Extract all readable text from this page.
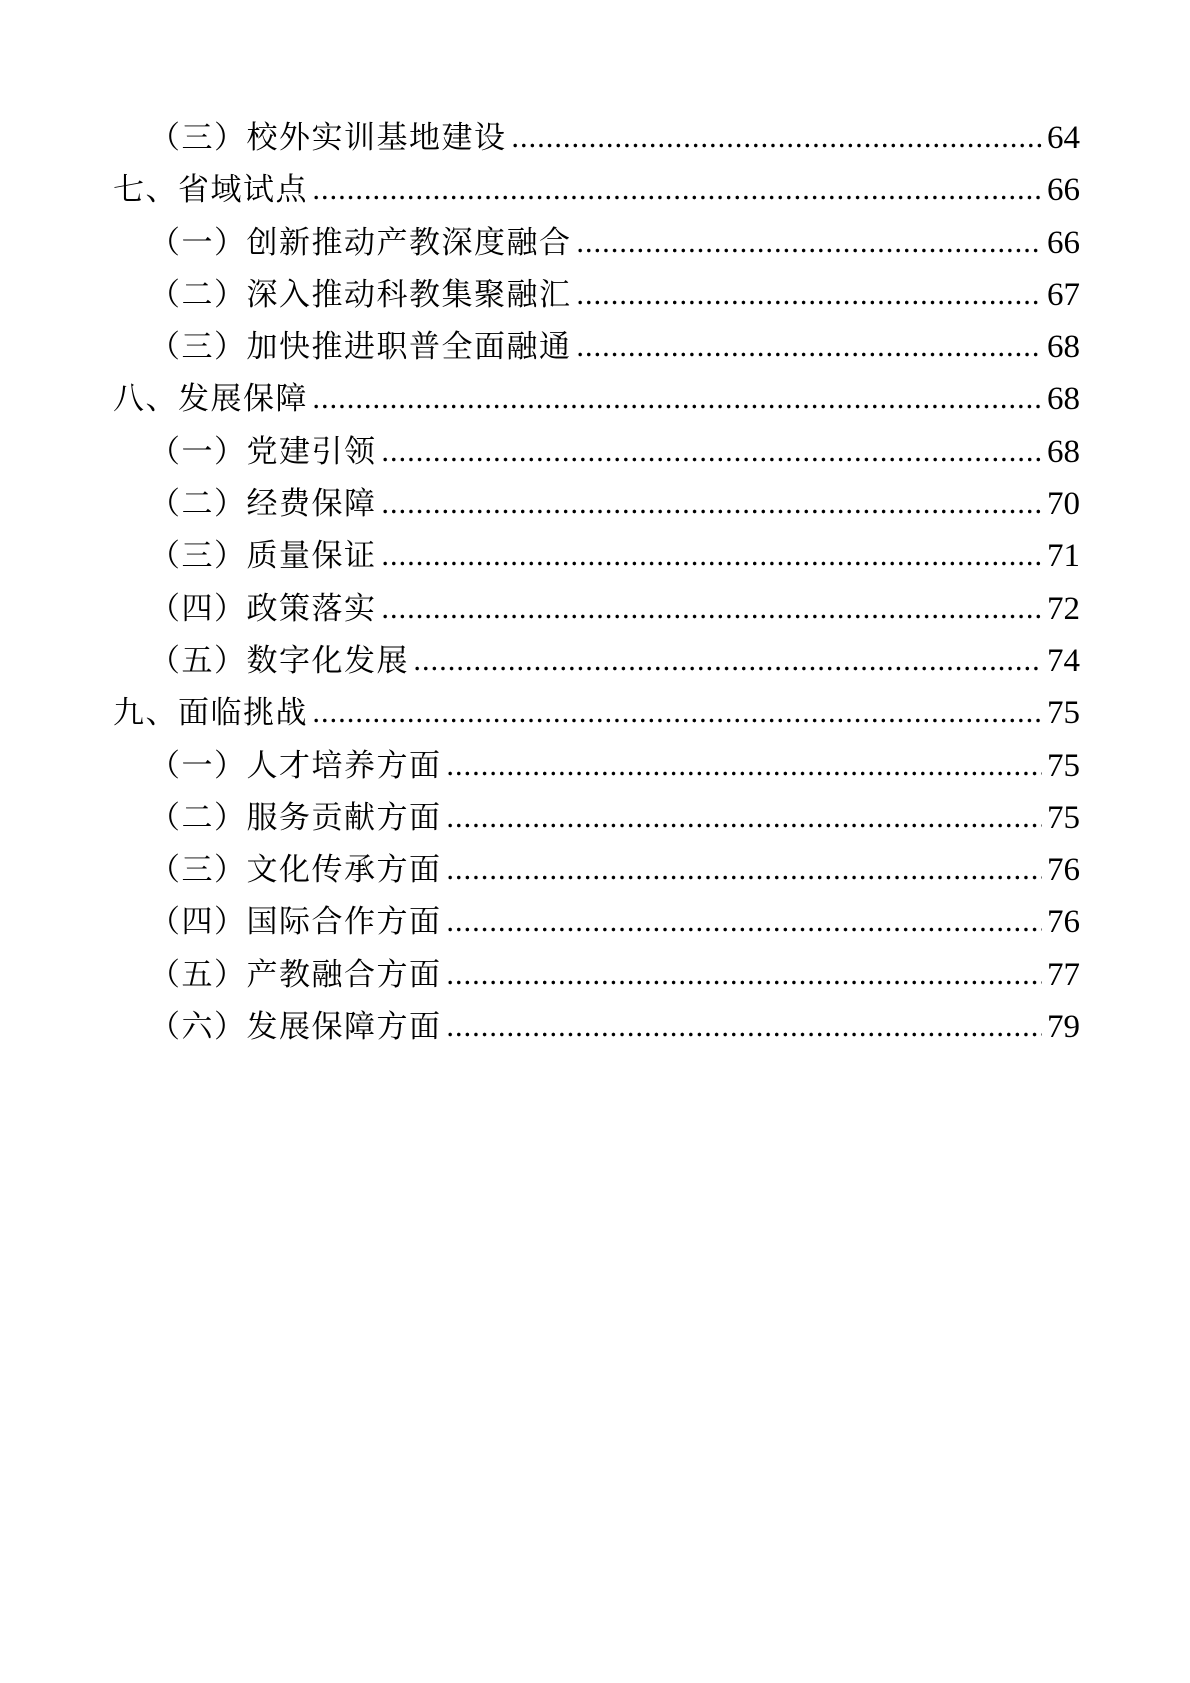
（三）校外实训基地建设	64
七、省域试点	66
（一）创新推动产教深度融合	66
（二）深入推动科教集聚融汇	67
（三）加快推进职普全面融通	68
八、发展保障	68
（一）党建引领	68
（二）经费保障	70
（三）质量保证	71
（四）政策落实	72
（五）数字化发展	74
九、面临挑战	75
（一）人才培养方面	75
（二）服务贡献方面	75
（三）文化传承方面	76
（四）国际合作方面	76
（五）产教融合方面	77
（六）发展保障方面	79
